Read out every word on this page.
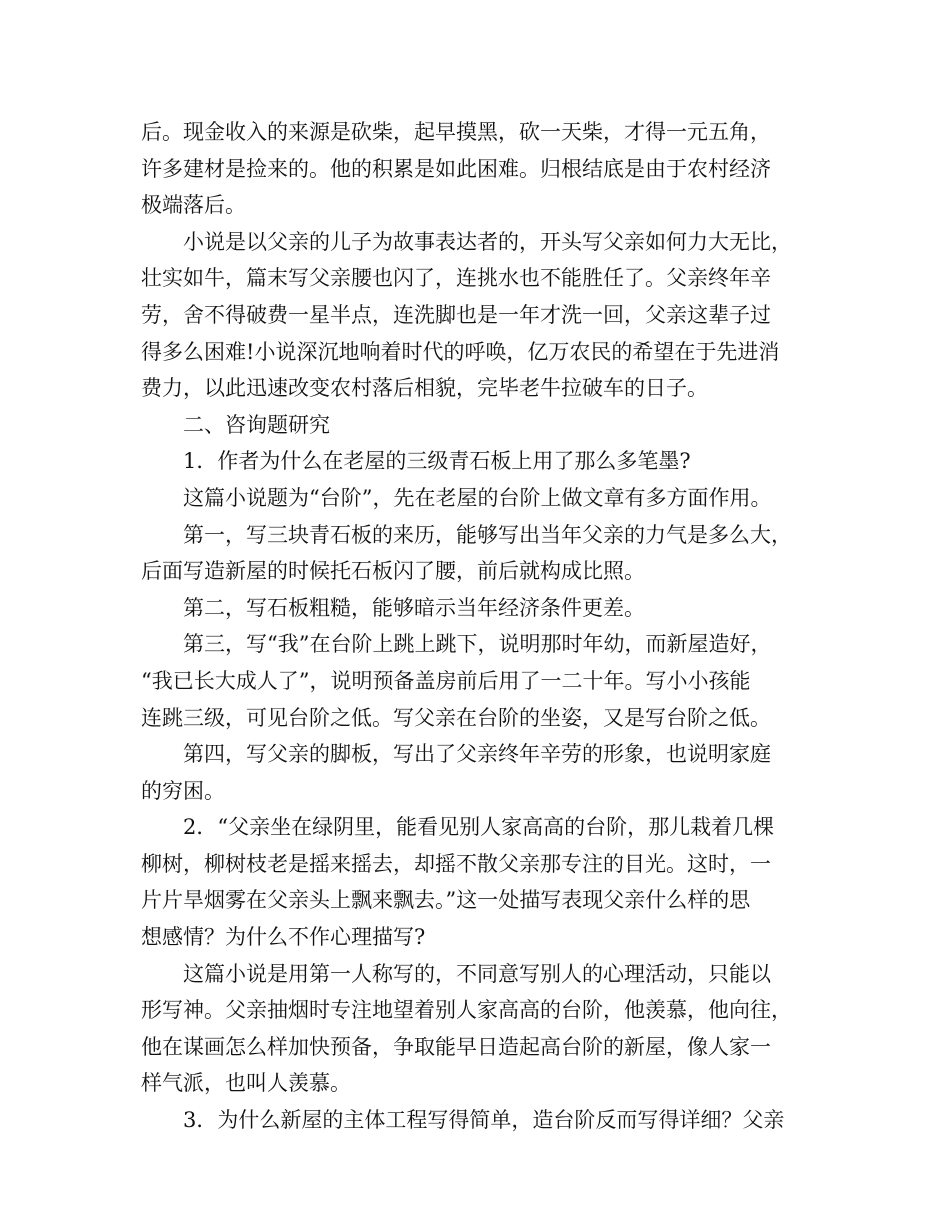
后。现金收入的来源是砍柴，起早摸黑，砍一天柴，才得一元五角，
许多建材是捡来的。他的积累是如此困难。归根结底是由于农村经济
极端落后。
小说是以父亲的儿子为故事表达者的，开头写父亲如何力大无比，
壮实如牛，篇末写父亲腰也闪了，连挑水也不能胜任了。父亲终年辛
劳，舍不得破费一星半点，连洗脚也是一年才洗一回，父亲这辈子过
得多么困难!小说深沉地响着时代的呼唤，亿万农民的希望在于先进消
费力，以此迅速改变农村落后相貌，完毕老牛拉破车的日子。
二、咨询题研究
1．作者为什么在老屋的三级青石板上用了那么多笔墨?
这篇小说题为“台阶”，先在老屋的台阶上做文章有多方面作用。
第一，写三块青石板的来历，能够写出当年父亲的力气是多么大，
后面写造新屋的时候托石板闪了腰，前后就构成比照。
第二，写石板粗糙，能够暗示当年经济条件更差。
第三，写“我”在台阶上跳上跳下，说明那时年幼，而新屋造好，
“我已长大成人了”，说明预备盖房前后用了一二十年。写小小孩能
连跳三级，可见台阶之低。写父亲在台阶的坐姿，又是写台阶之低。
第四，写父亲的脚板，写出了父亲终年辛劳的形象，也说明家庭
的穷困。
2．“父亲坐在绿阴里，能看见别人家高高的台阶，那儿栽着几棵
柳树，柳树枝老是摇来摇去，却摇不散父亲那专注的目光。这时，一
片片旱烟雾在父亲头上飘来飘去。”这一处描写表现父亲什么样的思
想感情？为什么不作心理描写?
这篇小说是用第一人称写的，不同意写别人的心理活动，只能以
形写神。父亲抽烟时专注地望着别人家高高的台阶，他羡慕，他向往，
他在谋画怎么样加快预备，争取能早日造起高台阶的新屋，像人家一
样气派，也叫人羡慕。
3．为什么新屋的主体工程写得简单，造台阶反而写得详细？父亲
